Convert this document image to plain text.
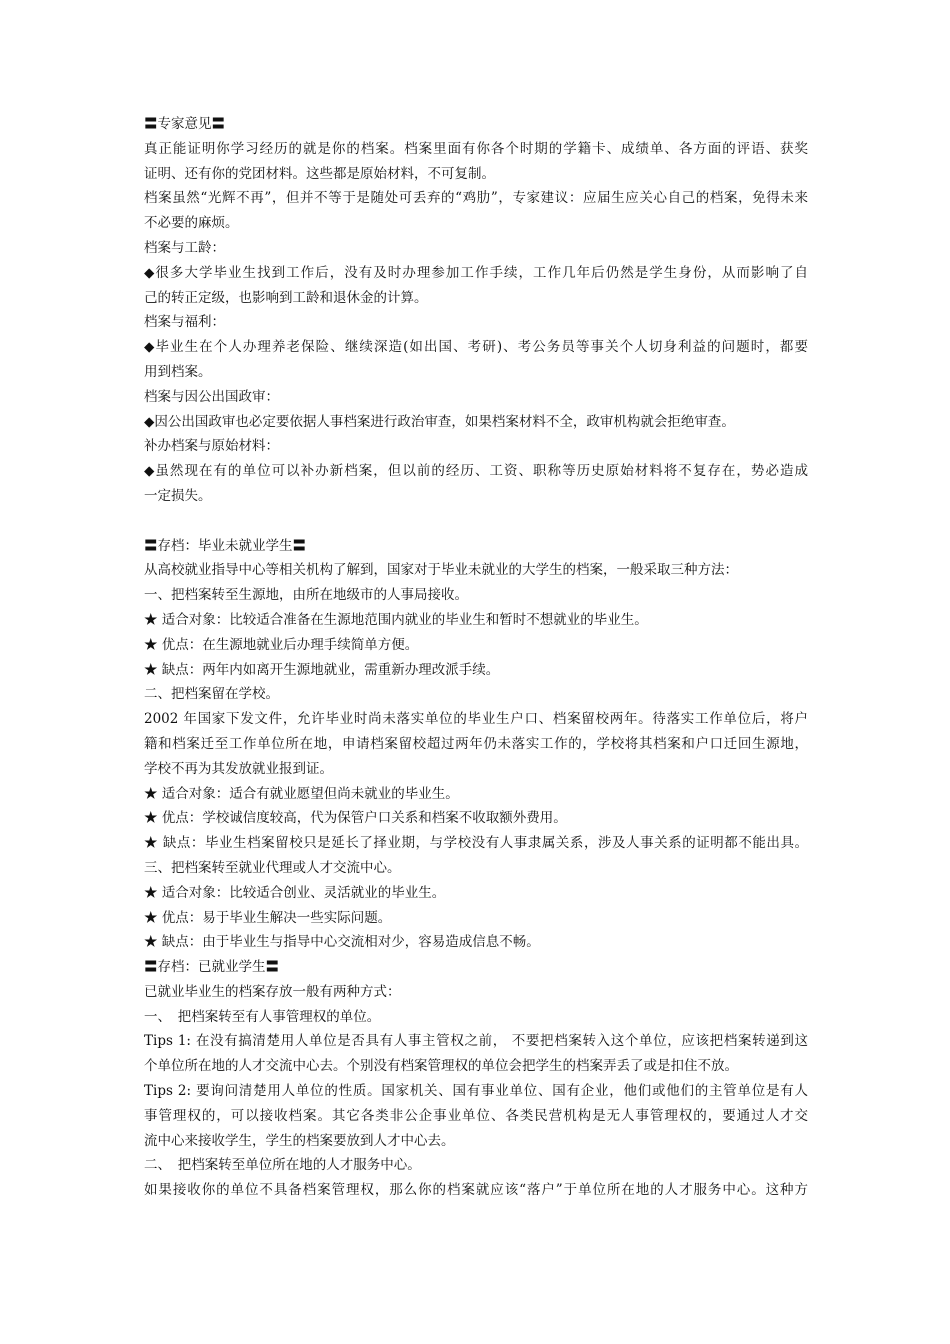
〓专家意见〓
真正能证明你学习经历的就是你的档案。档案里面有你各个时期的学籍卡、成绩单、各方面的评语、获奖
证明、还有你的党团材料。这些都是原始材料，不可复制。
档案虽然“光辉不再”，但并不等于是随处可丢弃的“鸡肋”，专家建议：应届生应关心自己的档案，免得未来
不必要的麻烦。
档案与工龄：
◆很多大学毕业生找到工作后，没有及时办理参加工作手续，工作几年后仍然是学生身份，从而影响了自
己的转正定级，也影响到工龄和退休金的计算。
档案与福利：
◆毕业生在个人办理养老保险、继续深造(如出国、考研)、考公务员等事关个人切身利益的问题时，都要
用到档案。
档案与因公出国政审：
◆因公出国政审也必定要依据人事档案进行政治审查，如果档案材料不全，政审机构就会拒绝审查。
补办档案与原始材料：
◆虽然现在有的单位可以补办新档案，但以前的经历、工资、职称等历史原始材料将不复存在，势必造成
一定损失。
〓存档：毕业未就业学生〓
从高校就业指导中心等相关机构了解到，国家对于毕业未就业的大学生的档案，一般采取三种方法：
一、把档案转至生源地，由所在地级市的人事局接收。
★ 适合对象：比较适合准备在生源地范围内就业的毕业生和暂时不想就业的毕业生。
★ 优点：在生源地就业后办理手续简单方便。
★ 缺点：两年内如离开生源地就业，需重新办理改派手续。
二、把档案留在学校。
2002 年国家下发文件，允许毕业时尚未落实单位的毕业生户口、档案留校两年。待落实工作单位后，将户
籍和档案迁至工作单位所在地，申请档案留校超过两年仍未落实工作的，学校将其档案和户口迁回生源地，
学校不再为其发放就业报到证。
★ 适合对象：适合有就业愿望但尚未就业的毕业生。
★ 优点：学校诚信度较高，代为保管户口关系和档案不收取额外费用。
★ 缺点：毕业生档案留校只是延长了择业期，与学校没有人事隶属关系，涉及人事关系的证明都不能出具。
三、把档案转至就业代理或人才交流中心。
★ 适合对象：比较适合创业、灵活就业的毕业生。
★ 优点：易于毕业生解决一些实际问题。
★ 缺点：由于毕业生与指导中心交流相对少，容易造成信息不畅。
〓存档：已就业学生〓
已就业毕业生的档案存放一般有两种方式：
一、　把档案转至有人事管理权的单位。
Tips 1: 在没有搞清楚用人单位是否具有人事主管权之前， 不要把档案转入这个单位，应该把档案转递到这
个单位所在地的人才交流中心去。个别没有档案管理权的单位会把学生的档案弄丢了或是扣住不放。
Tips 2: 要询问清楚用人单位的性质。国家机关、国有事业单位、国有企业，他们或他们的主管单位是有人
事管理权的，可以接收档案。其它各类非公企事业单位、各类民营机构是无人事管理权的，要通过人才交
流中心来接收学生，学生的档案要放到人才中心去。
二、　把档案转至单位所在地的人才服务中心。
如果接收你的单位不具备档案管理权，那么你的档案就应该“落户”于单位所在地的人才服务中心。这种方
